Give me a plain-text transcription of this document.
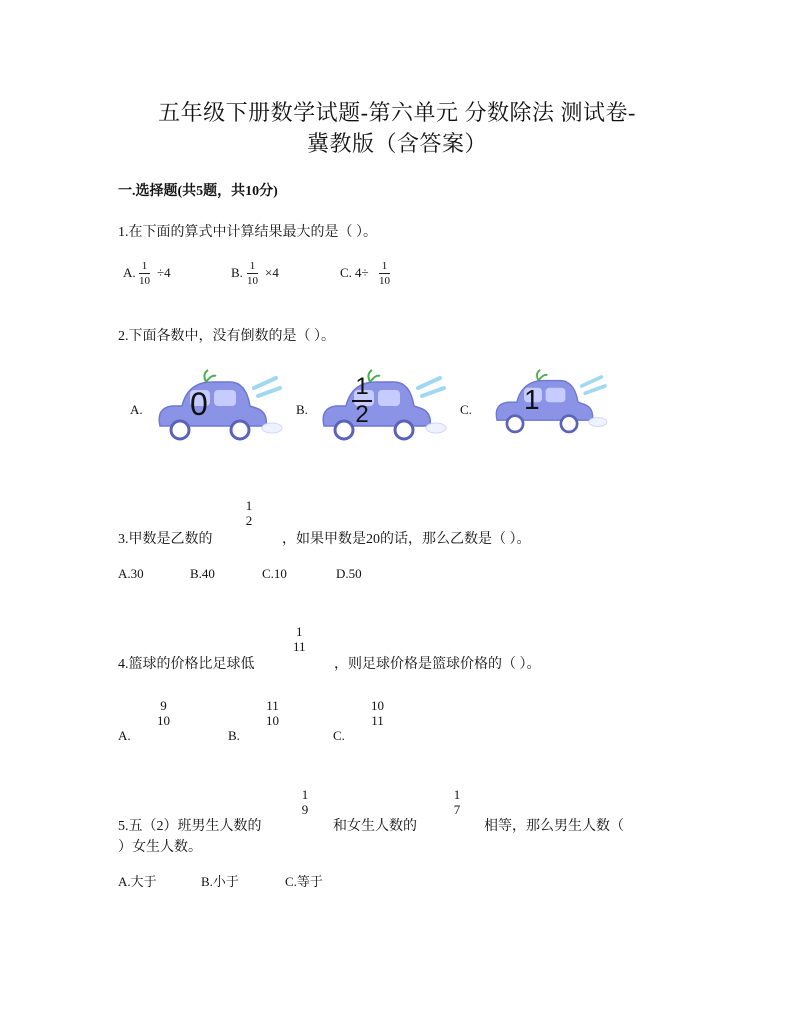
五年级下册数学试题-第六单元 分数除法 测试卷-
冀教版（含答案）
一.选择题(共5题，共10分)
1.在下面的算式中计算结果最大的是（ ）。
A. 1
10
÷4	B. 1
10
×4	C. 4÷ 1
10
2.下面各数中，没有倒数的是（ ）。
A. 0	B.
1
2	C. 1
3.甲数是乙数的
1
2
，如果甲数是20的话，那么乙数是（ ）。
A.30	B.40	C.10	D.50
4.篮球的价格比足球低
1
11
，则足球价格是篮球价格的（ ）。
A.
9
10
B.
11
10
C.
10
11
5.五（2）班男生人数的
1
9
和女生人数的
1
7
相等，那么男生人数（
）女生人数。
A.大于	B.小于	C.等于
